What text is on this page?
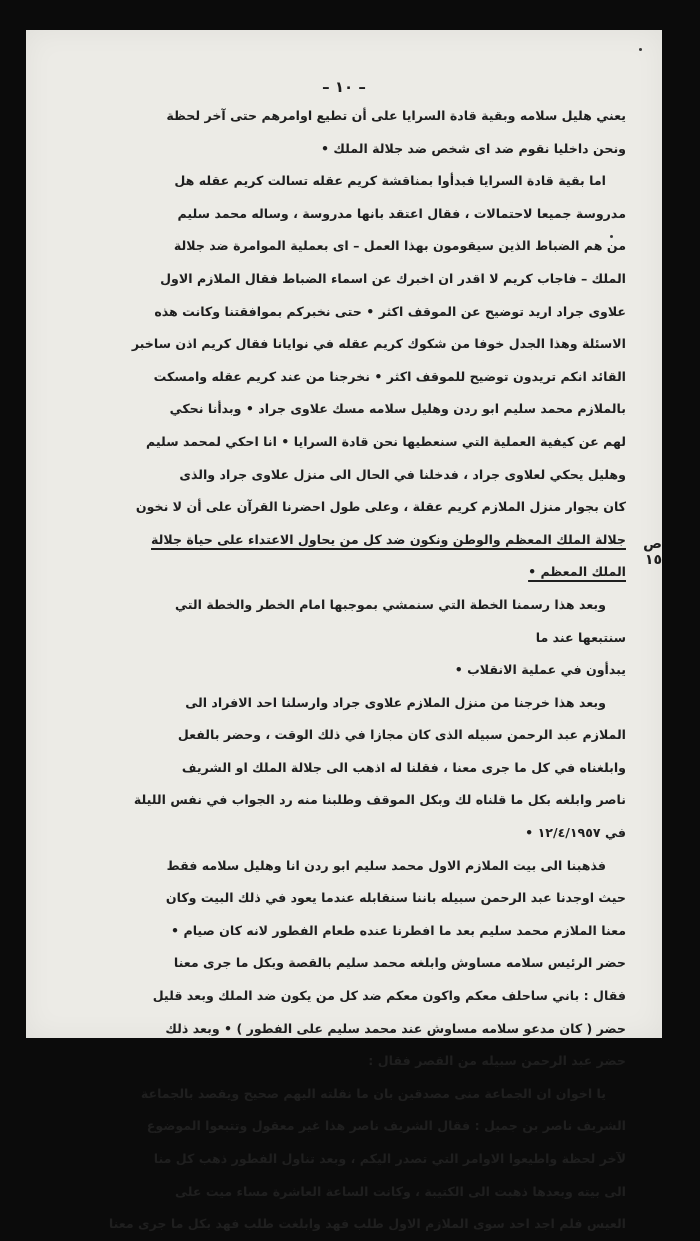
– ١٠ –
يعني هليل سلامه وبقية قادة السرايا على أن تطيع اوامرهم حتى آخر لحظة
ونحن داخليا نقوم ضد اى شخص ضد جلالة الملك •
اما بقية قادة السرايا فبدأوا بمناقشة كريم عقله تسالت كريم عقله هل
مدروسة جميعا لاحتمالات ، فقال اعتقد بانها مدروسة ، وساله محمد سليم
من هم الضباط الذين سيقومون بهذا العمل – اى بعملية الموامرة ضد جلالة
الملك – فاجاب كريم لا اقدر ان اخبرك عن اسماء الضباط فقال الملازم الاول
علاوى جراد اريد توضيح عن الموقف اكثر • حتى نخبركم بموافقتنا وكانت هذه
الاسئلة وهذا الجدل خوفا من شكوك كريم عقله في نوايانا فقال كريم اذن ساخبر
القائد انكم تريدون توضيح للموقف اكثر • نخرجنا من عند كريم عقله وامسكت
بالملازم محمد سليم ابو ردن وهليل سلامه مسك علاوى جراد • وبدأنا نحكي
لهم عن كيفية العملية التي سنعطيها نحن قادة السرايا • انا احكي لمحمد سليم
وهليل يحكي لعلاوى جراد ، فدخلنا في الحال الى منزل علاوى جراد والذى
كان بجوار منزل الملازم كريم عقلة ، وعلى طول احضرنا القرآن على أن لا نخون
جلالة الملك المعظم والوطن ونكون ضد كل من يحاول الاعتداء على حياة جلالة
الملك المعظم •
وبعد هذا رسمنا الخطة التي سنمشي بموجبها امام الخطر والخطة التي
سنتبعها عند ما
يبدأون في عملية الانقلاب •
وبعد هذا خرجنا من منزل الملازم علاوى جراد وارسلنا احد الافراد الى
الملازم عبد الرحمن سبيله الذى كان مجازا في ذلك الوقت ، وحضر بالفعل
وابلغناه في كل ما جرى معنا ، فقلنا له اذهب الى جلالة الملك او الشريف
ناصر وابلغه بكل ما قلناه لك وبكل الموقف وطلبنا منه رد الجواب في نفس الليلة
في ١٢/٤/١٩٥٧ •
فذهبنا الى بيت الملازم الاول محمد سليم ابو ردن انا وهليل سلامه فقط
حيث اوجدنا عبد الرحمن سبيله باننا سنقابله عندما يعود في ذلك البيت وكان
معنا الملازم محمد سليم بعد ما افطرنا عنده طعام الفطور لانه كان صيام •
حضر الرئيس سلامه مساوش وابلغه محمد سليم بالقصة وبكل ما جرى معنا
فقال : باني ساحلف معكم واكون معكم ضد كل من يكون ضد الملك وبعد قليل
حضر ( كان مدعو سلامه مساوش عند محمد سليم على الفطور ) • وبعد ذلك
حضر عبد الرحمن سبيله من القصر فقال :
يا اخوان ان الجماعة منى مصدقين بان ما نقلته اليهم صحيح ويقصد بالجماعة
الشريف ناصر بن جميل : فقال الشريف ناصر هذا غير معقول وتتبعوا الموضوع
لآخر لحظة واطيعوا الاوامر التي تصدر اليكم ، وبعد تناول الفطور ذهب كل منا
الى بيته وبعدها ذهبت الى الكتيبة ، وكانت الساعة العاشرة مساء ميت على
العيس فلم اجد احد سوى الملازم الاول طلب فهد وابلغت طلب فهد بكل ما جرى معنا
ص ١٥
